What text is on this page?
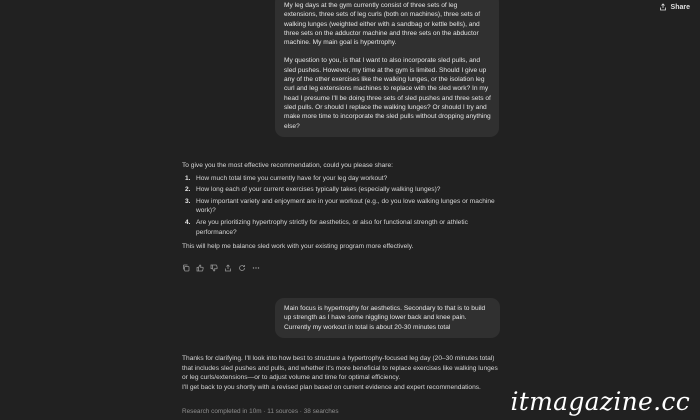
Share

My leg days at the gym currently consist of three sets of leg extensions, three sets of leg curls (both on machines), three sets of walking lunges (weighted either with a sandbag or kettle bells), and three sets on the adductor machine and three sets on the abductor machine. My main goal is hypertrophy.

My question to you, is that I want to also incorporate sled pulls, and sled pushes. However, my time at the gym is limited. Should I give up any of the other exercises like the walking lunges, or the isolation leg curl and leg extensions machines to replace with the sled work? In my head I presume I'll be doing three sets of sled pushes and three sets of sled pulls. Or should I replace the walking lunges? Or should I try and make more time to incorporate the sled pulls without dropping anything else?

To give you the most effective recommendation, could you please share:

1. How much total time you currently have for your leg day workout?
2. How long each of your current exercises typically takes (especially walking lunges)?
3. How important variety and enjoyment are in your workout (e.g., do you love walking lunges or machine work)?
4. Are you prioritizing hypertrophy strictly for aesthetics, or also for functional strength or athletic performance?

This will help me balance sled work with your existing program more effectively.

Main focus is hypertrophy for aesthetics. Secondary to that is to build up strength as I have some niggling lower back and knee pain. Currently my workout in total is about 20-30 minutes total

Thanks for clarifying. I'll look into how best to structure a hypertrophy-focused leg day (20–30 minutes total) that includes sled pushes and pulls, and whether it's more beneficial to replace exercises like walking lunges or leg curls/extensions—or to adjust volume and time for optimal efficiency.

I'll get back to you shortly with a revised plan based on current evidence and expert recommendations.

Research completed in 10m · 11 sources · 38 searches	itmagazine.cc
